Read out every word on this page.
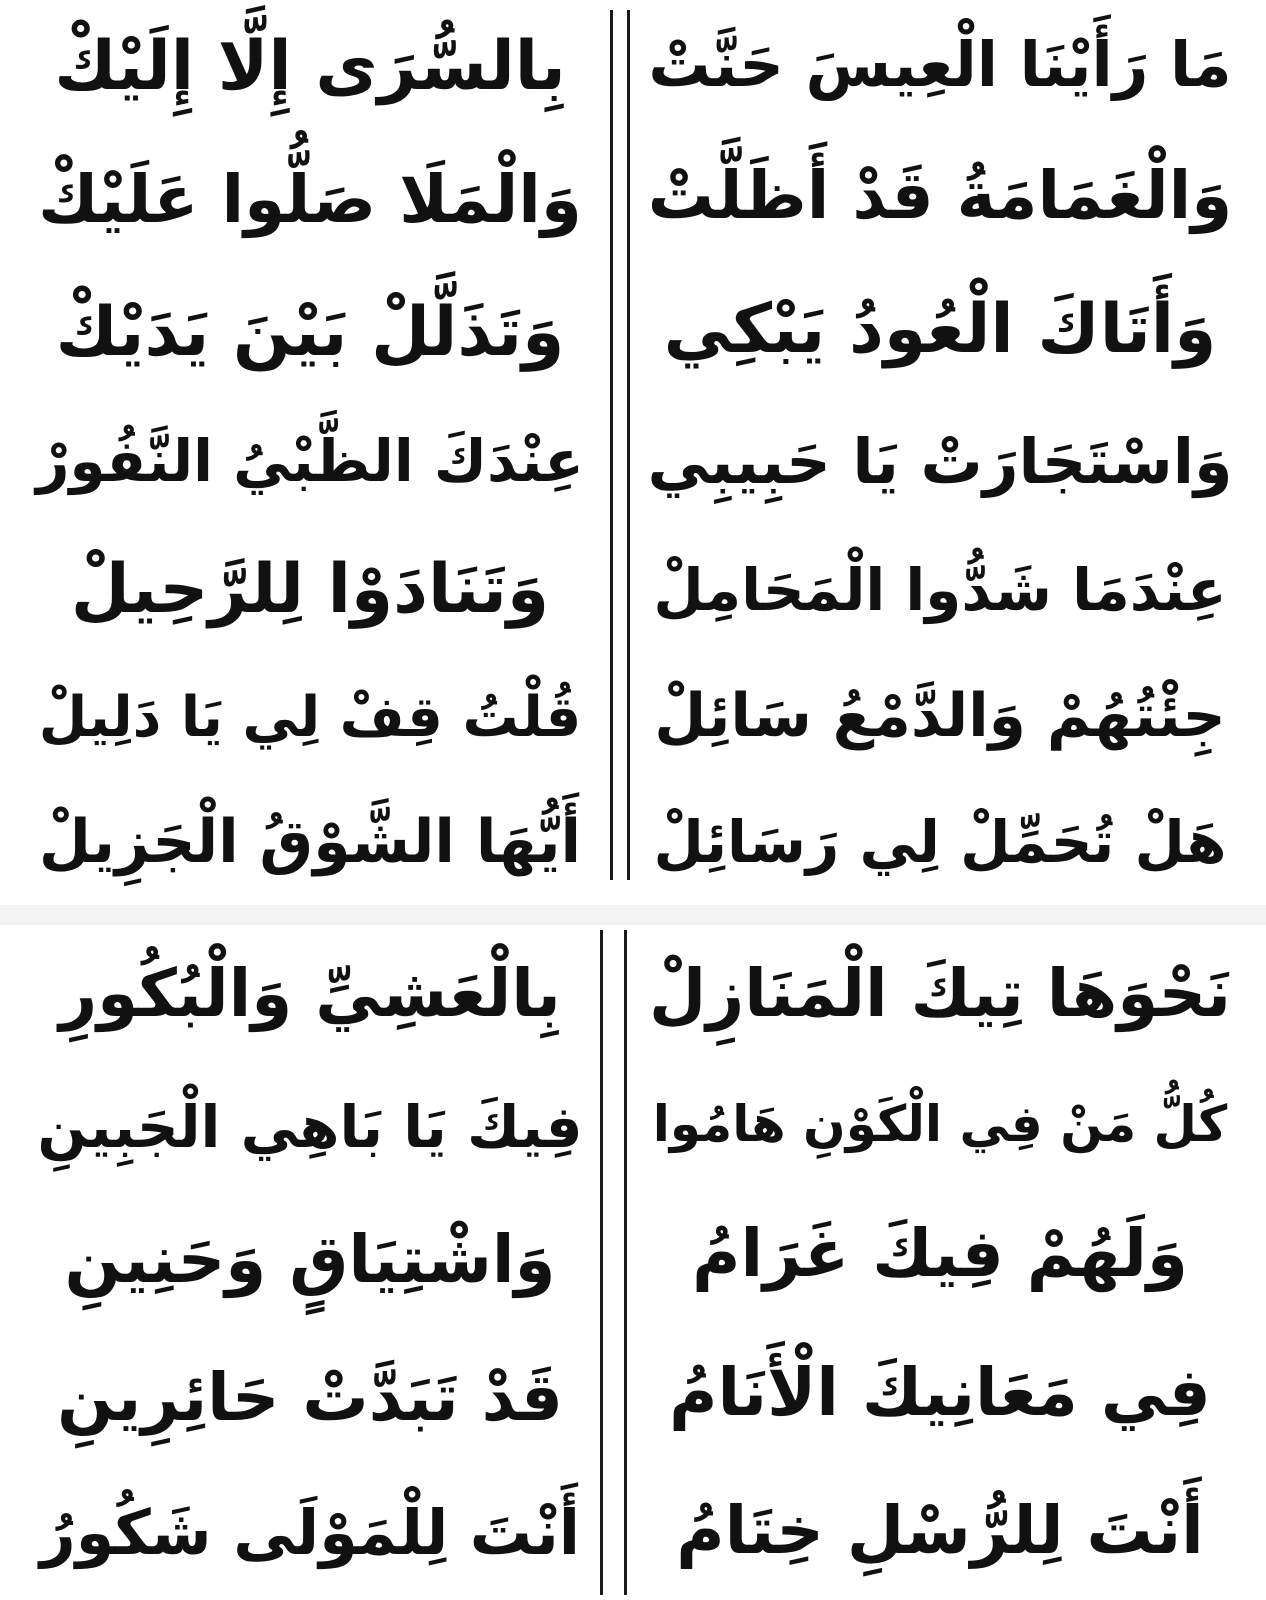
مَا رَأَيْنَا الْعِيسَ حَنَّتْ
وَالْغَمَامَةُ قَدْ أَظَلَّتْ
وَأَتَاكَ الْعُودُ يَبْكِي
وَاسْتَجَارَتْ يَا حَبِيبِي
عِنْدَمَا شَدُّوا الْمَحَامِلْ
جِئْتُهُمْ وَالدَّمْعُ سَائِلْ
هَلْ تُحَمِّلْ لِي رَسَائِلْ
بِالسُّرَى إِلَّا إِلَيْكْ
وَالْمَلَا صَلُّوا عَلَيْكْ
وَتَذَلَّلْ بَيْنَ يَدَيْكْ
عِنْدَكَ الظَّبْيُ النَّفُورْ
وَتَنَادَوْا لِلرَّحِيلْ
قُلْتُ قِفْ لِي يَا دَلِيلْ
أَيُّهَا الشَّوْقُ الْجَزِيلْ
نَحْوَهَا تِيكَ الْمَنَازِلْ
كُلُّ مَنْ فِي الْكَوْنِ هَامُوا
وَلَهُمْ فِيكَ غَرَامُ
فِي مَعَانِيكَ الْأَنَامُ
أَنْتَ لِلرُّسْلِ خِتَامُ
بِالْعَشِيِّ وَالْبُكُورِ
فِيكَ يَا بَاهِي الْجَبِينِ
وَاشْتِيَاقٍ وَحَنِينِ
قَدْ تَبَدَّتْ حَائِرِينِ
أَنْتَ لِلْمَوْلَى شَكُورُ
